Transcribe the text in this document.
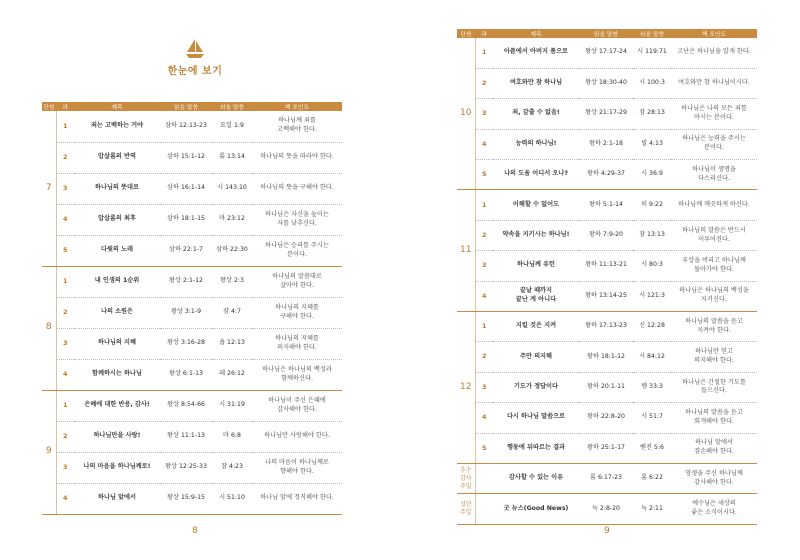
한눈에 보기
단원	과	제목	읽을 말씀	외울 말씀	핵 포인트
7	1	죄는 고백하는 거야	삼하 12:13-23	요일 1:9	하나님께 죄를
고백해야 한다.
	2	압살롬의 반역	삼하 15:1-12	롬 13:14	하나님의 뜻을 따라야 한다.
	3	하나님의 뜻대로	삼하 16:1-14	시 143:10	하나님의 뜻을 구해야 한다.
	4	압살롬의 최후	삼하 18:1-15	마 23:12	하나님은 자신을 높이는
자를 낮추신다.
	5	다윗의 노래	삼하 22:1-7	삼하 22:30	하나님은 승리를 주시는
분이다.
8	1	내 인생의 1순위	왕상 2:1-12	왕상 2:3	하나님의 말씀대로
살아야 한다.
	2	나의 소원은	왕상 3:1-9	잠 4:7	하나님의 지혜를
구해야 한다.
	3	하나님의 지혜	왕상 3:16-28	욥 12:13	하나님의 지혜를
의지해야 한다.
	4	함께하시는 하나님	왕상 6:1-13	레 26:12	하나님은 하나님의 백성과
함께하신다.
9	1	은혜에 대한 반응, 감사!	왕상 8:54-66	시 31:19	하나님이 주신 은혜에
감사해야 한다.
	2	하나님만을 사랑!	왕상 11:1-13	마 6:8	하나님만 사랑해야 한다.
	3	나의 마음을 하나님께로!	왕상 12:25-33	잠 4:23	나의 마음이 하나님께로
향해야 한다.
	4	하나님 앞에서	왕상 15:9-15	시 51:10	하나님 앞에 정직해야 한다.
8
단원	과	제목	읽을 말씀	외울 말씀	핵 포인트
10	1	아픔에서 아버지 품으로	왕상 17:17-24	시 119:71	고난은 하나님을 알게 한다.
	2	여호와만 참 하나님	왕상 18:30-40	시 100:3	여호와만 참 하나님이시다.
	3	죄, 갈출 수 없음!	왕상 21:17-29	잠 28:13	하나님은 나의 모든 죄를
아시는 분이다.
	4	능력의 하나님!	왕하 2:1-18	빌 4:13	하나님은 능력을 주시는
분이다.
	5	나의 도움 어디서 오나?	왕하 4:29-37	시 36:9	하나님이 생명을
다스리신다.
11	1	이해할 수 없어도	왕하 5:1-14	히 9:22	하나님께 깨끗하게 하신다.
	2	약속을 지키시는 하나님!	왕하 7:9-20	잠 13:13	하나님의 말씀은 반드시
이루어진다.
	3	하나님께 유턴	왕하 11:13-21	시 80:3	우상을 버리고 하나님께
돌아가야 한다.
	4	끝날 때까지
끝난 게 아니다	왕하 13:14-25	시 121:3	하나님은 하나님의 백성을
지키신다.
12	1	지킬 것은 지켜	왕하 17:13-23	신 12:28	하나님의 말씀을 듣고
지켜야 한다.
	2	주만 의지해	왕하 18:1-12	시 84:12	하나님만 믿고
의지해야 한다.
	3	기도가 정답이다	왕하 20:1-11	렘 33:3	하나님은 간절한 기도를
들으신다.
	4	다시 하나님 말씀으로	왕하 22:8-20	시 51:7	하나님의 말씀을 듣고
회개해야 한다.
	5	행동에 뒤따르는 결과	왕하 25:1-17	벧전 5:6	하나님 앞에서
겸손해야 한다.
추수
감사
주일		감사할 수 있는 이유	롬 6:17-23	롬 6:22	영생을 주신 하나님께
감사해야 한다.
성탄
주일		굿 뉴스(Good News)	눅 2:8-20	눅 2:11	예수님은 세상의
좋은 소식이시다.
9
